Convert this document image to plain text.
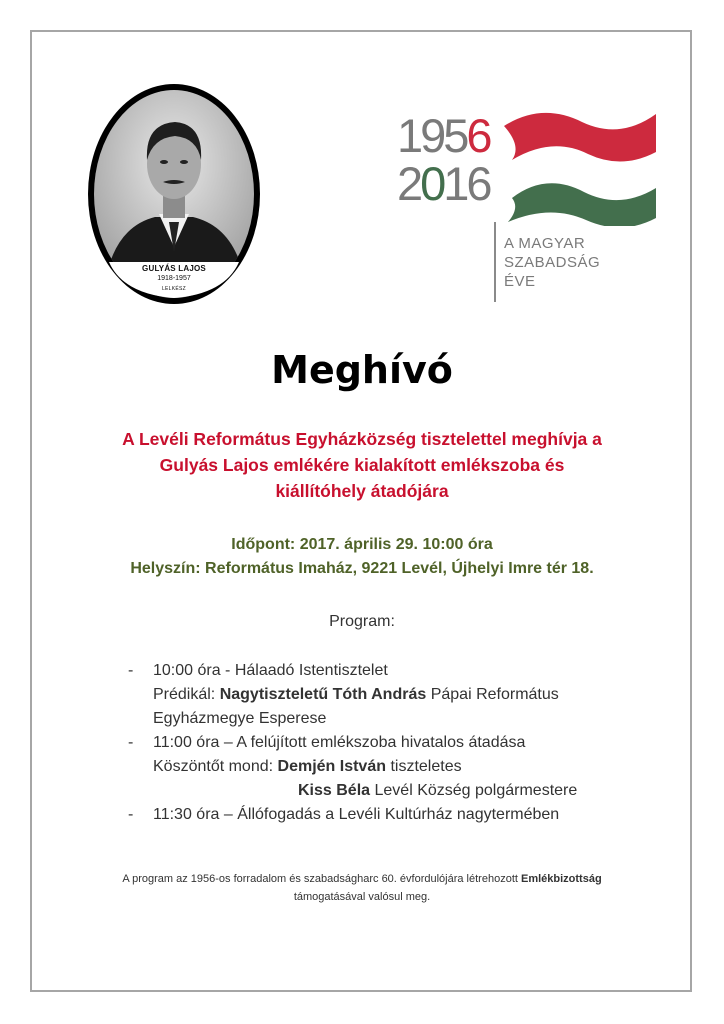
GULYÁS LAJOS
1918-1957
LELKÉSZ
1956
2016
A MAGYAR
SZABADSÁG
ÉVE
Meghívó
A Levéli Református Egyházközség tisztelettel meghívja a
Gulyás Lajos emlékére kialakított emlékszoba és
kiállítóhely átadójára
Időpont: 2017. április 29. 10:00 óra
Helyszín: Református Imaház, 9221 Levél, Újhelyi Imre tér 18.
Program:
- 10:00 óra - Hálaadó Istentisztelet
Prédikál: Nagytiszteletű Tóth András Pápai Református
Egyházmegye Esperese
- 11:00 óra – A felújított emlékszoba hivatalos átadása
Köszöntőt mond: Demjén István tiszteletes
Kiss Béla Levél Község polgármestere
- 11:30 óra – Állófogadás a Levéli Kultúrház nagytermében
A program az 1956-os forradalom és szabadságharc 60. évfordulójára létrehozott Emlékbizottság
támogatásával valósul meg.
